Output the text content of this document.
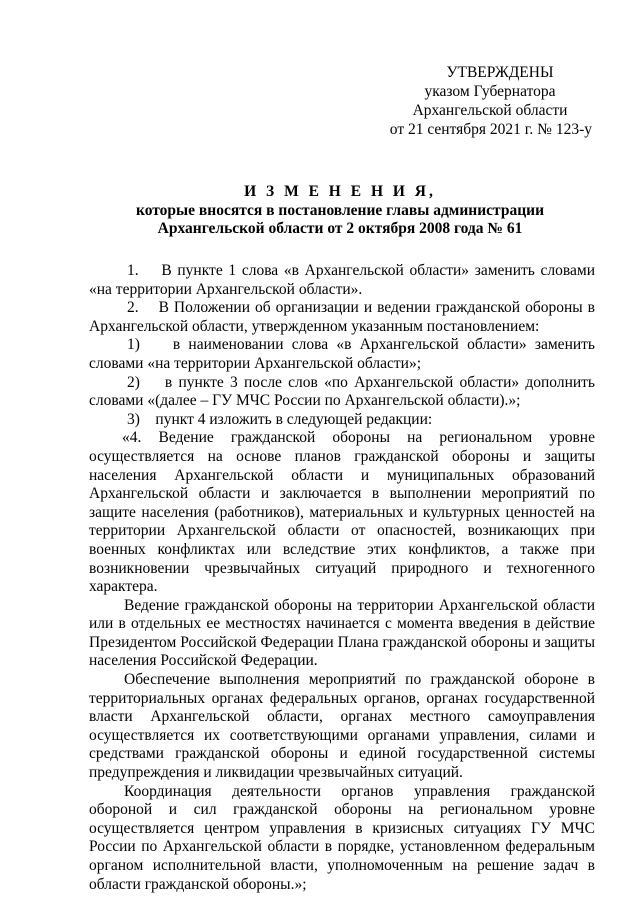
УТВЕРЖДЕНЫ
указом Губернатора
Архангельской области
от 21 сентября 2021 г. № 123-у
И З М Е Н Е Н И Я,
которые вносятся в постановление главы администрации
Архангельской области от 2 октября 2008 года № 61

1.    В пункте 1 слова «в Архангельской области» заменить словами «на территории Архангельской области».

2.    В Положении об организации и ведении гражданской обороны в Архангельской области, утвержденном указанным постановлением:

1)    в наименовании слова «в Архангельской области» заменить словами «на территории Архангельской области»;

2)    в пункте 3 после слов «по Архангельской области» дополнить словами «(далее – ГУ МЧС России по Архангельской области).»;

3)    пункт 4 изложить в следующей редакции:

«4. Ведение гражданской обороны на региональном уровне осуществляется на основе планов гражданской обороны и защиты населения Архангельской области и муниципальных образований Архангельской области и заключается в выполнении мероприятий по защите населения (работников), материальных и культурных ценностей на территории Архангельской области от опасностей, возникающих при военных конфликтах или вследствие этих конфликтов, а также при возникновении чрезвычайных ситуаций природного и техногенного характера.

Ведение гражданской обороны на территории Архангельской области или в отдельных ее местностях начинается с момента введения в действие Президентом Российской Федерации Плана гражданской обороны и защиты населения Российской Федерации.

Обеспечение выполнения мероприятий по гражданской обороне в территориальных органах федеральных органов, органах государственной власти Архангельской области, органах местного самоуправления осуществляется их соответствующими органами управления, силами и средствами гражданской обороны и единой государственной системы предупреждения и ликвидации чрезвычайных ситуаций.

Координация деятельности органов управления гражданской обороной и сил гражданской обороны на региональном уровне осуществляется центром управления в кризисных ситуациях ГУ МЧС России по Архангельской области в порядке, установленном федеральным органом исполнительной власти, уполномоченным на решение задач в области гражданской обороны.»;
